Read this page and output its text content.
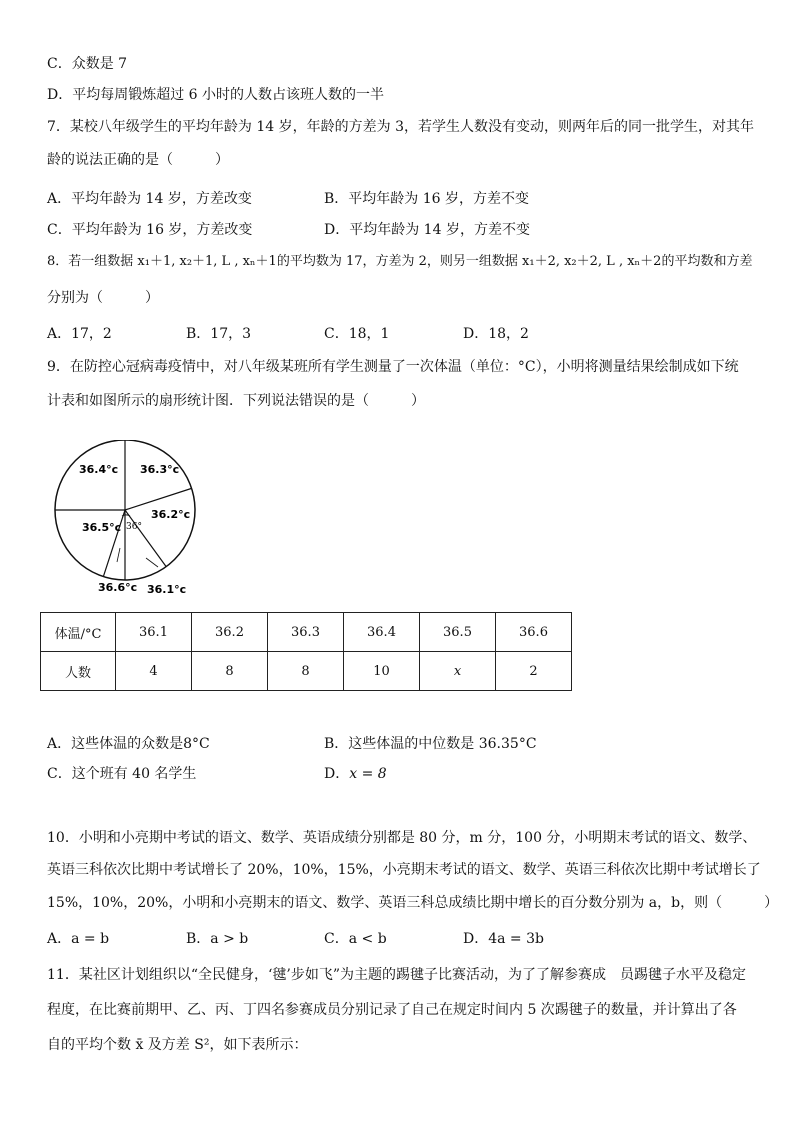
C．众数是 7
D．平均每周锻炼超过 6 小时的人数占该班人数的一半
7．某校八年级学生的平均年龄为 14 岁，年龄的方差为 3，若学生人数没有变动，则两年后的同一批学生，对其年
龄的说法正确的是（　　　）
A．平均年龄为 14 岁，方差改变	B．平均年龄为 16 岁，方差不变
C．平均年龄为 16 岁，方差改变	D．平均年龄为 14 岁，方差不变
8．若一组数据 x₁＋1, x₂＋1, L , xₙ＋1的平均数为 17，方差为 2，则另一组数据 x₁＋2, x₂＋2, L , xₙ＋2的平均数和方差
分别为（　　　）
A．17，2	B．17，3	C．18，1	D．18，2
9．在防控心冠病毒疫情中，对八年级某班所有学生测量了一次体温（单位：°C），小明将测量结果绘制成如下统
计表和如图所示的扇形统计图．下列说法错误的是（　　　）
36.4°c 36.3°c
36.2°c
36.5°c
36.1°c
36.6°c
36°
体温/°C	36.1	36.2	36.3	36.4	36.5	36.6
人数	4	8	8	10	x	2
A．这些体温的众数是8°C	B．这些体温的中位数是 36.35°C
C．这个班有 40 名学生	D．x = 8
10．小明和小亮期中考试的语文、数学、英语成绩分别都是 80 分，m 分，100 分，小明期末考试的语文、数学、
英语三科依次比期中考试增长了 20%，10%，15%，小亮期末考试的语文、数学、英语三科依次比期中考试增长了
15%，10%，20%，小明和小亮期末的语文、数学、英语三科总成绩比期中增长的百分数分别为 a，b，则（　　　）
A．a = b	B．a > b	C．a < b	D．4a = 3b
11．某社区计划组织以“全民健身，‘毽’步如飞”为主题的踢毽子比赛活动，为了了解参赛成　员踢毽子水平及稳定
程度，在比赛前期甲、乙、丙、丁四名参赛成员分别记录了自己在规定时间内 5 次踢毽子的数量，并计算出了各
自的平均个数 x̄ 及方差 S²，如下表所示：
